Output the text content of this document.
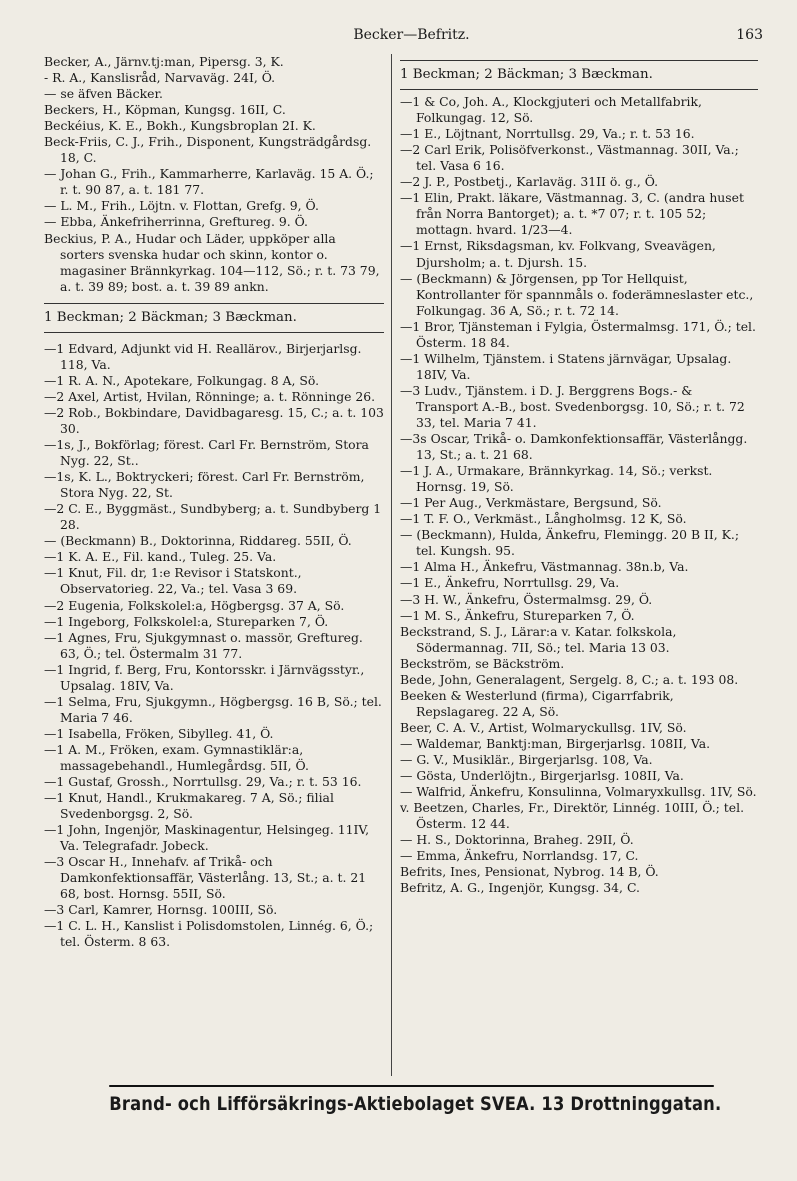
Becker—Befritz.	163
Becker, A., Järnv.tj:man, Pipersg. 3, K.
- R. A., Kanslisråd, Narvaväg. 24I, Ö.
— se äfven Bäcker.
Beckers, H., Köpman, Kungsg. 16II, C.
Beckéius, K. E., Bokh., Kungsbroplan 2I. K.
Beck-Friis, C. J., Frih., Disponent, Kungsträdgårdsg. 18, C.
— Johan G., Frih., Kammarherre, Karlaväg. 15 A. Ö.; r. t. 90 87, a. t. 181 77.
— L. M., Frih., Löjtn. v. Flottan, Grefg. 9, Ö.
— Ebba, Änkefriherrinna, Greftureg. 9. Ö.
Beckius, P. A., Hudar och Läder, uppköper alla sorters svenska hudar och skinn, kontor o. magasiner Brännkyrkag. 104—112, Sö.; r. t. 73 79, a. t. 39 89; bost. a. t. 39 89 ankn.
1 Beckman; 2 Bäckman; 3 Bæckman.
—1 Edvard, Adjunkt vid H. Reallärov., Birjerjarlsg. 118, Va.
—1 R. A. N., Apotekare, Folkungag. 8 A, Sö.
—2 Axel, Artist, Hvilan, Rönninge; a. t. Rönninge 26.
—2 Rob., Bokbindare, Davidbagaresg. 15, C.; a. t. 103 30.
—1s, J., Bokförlag; förest. Carl Fr. Bernström, Stora Nyg. 22, St..
—1s, K. L., Boktryckeri; förest. Carl Fr. Bernström, Stora Nyg. 22, St.
—2 C. E., Byggmäst., Sundbyberg; a. t. Sundbyberg 1 28.
— (Beckmann) B., Doktorinna, Riddareg. 55II, Ö.
—1 K. A. E., Fil. kand., Tuleg. 25. Va.
—1 Knut, Fil. dr, 1:e Revisor i Statskont., Observatorieg. 22, Va.; tel. Vasa 3 69.
—2 Eugenia, Folkskolel:a, Högbergsg. 37 A, Sö.
—1 Ingeborg, Folkskolel:a, Stureparken 7, Ö.
—1 Agnes, Fru, Sjukgymnast o. massör, Greftureg. 63, Ö.; tel. Östermalm 31 77.
—1 Ingrid, f. Berg, Fru, Kontorsskr. i Järnvägsstyr., Upsalag. 18IV, Va.
—1 Selma, Fru, Sjukgymn., Högbergsg. 16 B, Sö.; tel. Maria 7 46.
—1 Isabella, Fröken, Sibylleg. 41, Ö.
—1 A. M., Fröken, exam. Gymnastiklär:a, massagebehandl., Humlegårdsg. 5II, Ö.
—1 Gustaf, Grossh., Norrtullsg. 29, Va.; r. t. 53 16.
—1 Knut, Handl., Krukmakareg. 7 A, Sö.; filial Svedenborgsg. 2, Sö.
—1 John, Ingenjör, Maskinagentur, Helsingeg. 11IV, Va. Telegrafadr. Jobeck.
—3 Oscar H., Innehafv. af Trikå- och Damkonfektionsaffär, Västerlång. 13, St.; a. t. 21 68, bost. Hornsg. 55II, Sö.
—3 Carl, Kamrer, Hornsg. 100III, Sö.
—1 C. L. H., Kanslist i Polisdomstolen, Linnég. 6, Ö.; tel. Österm. 8 63.
1 Beckman; 2 Bäckman; 3 Bæckman.
—1 & Co, Joh. A., Klockgjuteri och Metallfabrik, Folkungag. 12, Sö.
—1 E., Löjtnant, Norrtullsg. 29, Va.; r. t. 53 16.
—2 Carl Erik, Polisöfverkonst., Västmannag. 30II, Va.; tel. Vasa 6 16.
—2 J. P., Postbetj., Karlaväg. 31II ö. g., Ö.
—1 Elin, Prakt. läkare, Västmannag. 3, C. (andra huset från Norra Bantorget); a. t. *7 07; r. t. 105 52; mottagn. hvard. 1/23—4.
—1 Ernst, Riksdagsman, kv. Folkvang, Sveavägen, Djursholm; a. t. Djursh. 15.
— (Beckmann) & Jörgensen, pp Tor Hellquist, Kontrollanter för spannmåls o. foderämneslaster etc., Folkungag. 36 A, Sö.; r. t. 72 14.
—1 Bror, Tjänsteman i Fylgia, Östermalmsg. 171, Ö.; tel. Österm. 18 84.
—1 Wilhelm, Tjänstem. i Statens järnvägar, Upsalag. 18IV, Va.
—3 Ludv., Tjänstem. i D. J. Berggrens Bogs.- & Transport A.-B., bost. Svedenborgsg. 10, Sö.; r. t. 72 33, tel. Maria 7 41.
—3s Oscar, Trikå- o. Damkonfektionsaffär, Västerlångg. 13, St.; a. t. 21 68.
—1 J. A., Urmakare, Brännkyrkag. 14, Sö.; verkst. Hornsg. 19, Sö.
—1 Per Aug., Verkmästare, Bergsund, Sö.
—1 T. F. O., Verkmäst., Långholmsg. 12 K, Sö.
— (Beckmann), Hulda, Änkefru, Flemingg. 20 B II, K.; tel. Kungsh. 95.
—1 Alma H., Änkefru, Västmannag. 38n.b, Va.
—1 E., Änkefru, Norrtullsg. 29, Va.
—3 H. W., Änkefru, Östermalmsg. 29, Ö.
—1 M. S., Änkefru, Stureparken 7, Ö.
Beckstrand, S. J., Lärar:a v. Katar. folkskola, Södermannag. 7II, Sö.; tel. Maria 13 03.
Beckström, se Bäckström.
Bede, John, Generalagent, Sergelg. 8, C.; a. t. 193 08.
Beeken & Westerlund (firma), Cigarrfabrik, Repslagareg. 22 A, Sö.
Beer, C. A. V., Artist, Wolmaryckullsg. 1IV, Sö.
— Waldemar, Banktj:man, Birgerjarlsg. 108II, Va.
— G. V., Musiklär., Birgerjarlsg. 108, Va.
— Gösta, Underlöjtn., Birgerjarlsg. 108II, Va.
— Walfrid, Änkefru, Konsulinna, Volmaryxkullsg. 1IV, Sö.
v. Beetzen, Charles, Fr., Direktör, Linnég. 10III, Ö.; tel. Österm. 12 44.
— H. S., Doktorinna, Braheg. 29II, Ö.
— Emma, Änkefru, Norrlandsg. 17, C.
Befrits, Ines, Pensionat, Nybrog. 14 B, Ö.
Befritz, A. G., Ingenjör, Kungsg. 34, C.
Brand- och Lifförsäkrings-Aktiebolaget SVEA. 13 Drottninggatan.
